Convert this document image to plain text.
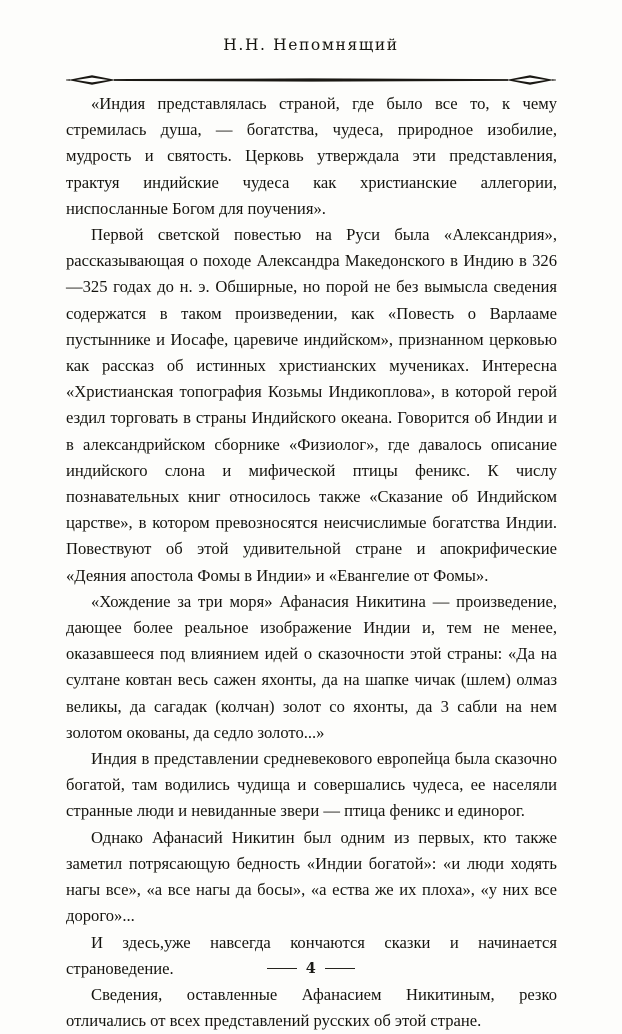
Н.Н. Непомнящий

«Индия представлялась страной, где было все то, к чему стремилась душа, — богатства, чудеса, природное изобилие, мудрость и святость. Церковь утверждала эти представления, трактуя индийские чудеса как христианские аллегории, ниспосланные Богом для поучения».

Первой светской повестью на Руси была «Александрия», рассказывающая о походе Александра Македонского в Индию в 326—325 годах до н. э. Обширные, но порой не без вымысла сведения содержатся в таком произведении, как «Повесть о Варлааме пустыннике и Иосафе, царевиче индийском», признанном церковью как рассказ об истинных христианских мучениках. Интересна «Христианская топография Козьмы Индикоплова», в которой герой ездил торговать в страны Индийского океана. Говорится об Индии и в александрийском сборнике «Физиолог», где давалось описание индийского слона и мифической птицы феникс. К числу познавательных книг относилось также «Сказание об Индийском царстве», в котором превозносятся неисчислимые богатства Индии. Повествуют об этой удивительной стране и апокрифические «Деяния апостола Фомы в Индии» и «Евангелие от Фомы».

«Хождение за три моря» Афанасия Никитина — произведение, дающее более реальное изображение Индии и, тем не менее, оказавшееся под влиянием идей о сказочности этой страны: «Да на султане ковтан весь сажен яхонты, да на шапке чичак (шлем) олмаз великы, да сагадак (колчан) золот со яхонты, да 3 сабли на нем золотом окованы, да седло золото...»

Индия в представлении средневекового европейца была сказочно богатой, там водились чудища и совершались чудеса, ее населяли странные люди и невиданные звери — птица феникс и единорог.

Однако Афанасий Никитин был одним из первых, кто также заметил потрясающую бедность «Индии богатой»: «и люди ходять нагы все», «а все нагы да босы», «а ества же их плоха», «у них все дорого»...

И здесь,уже навсегда кончаются сказки и начинается страноведение.

Сведения, оставленные Афанасием Никитиным, резко отличались от всех представлений русских об этой стране.

4
